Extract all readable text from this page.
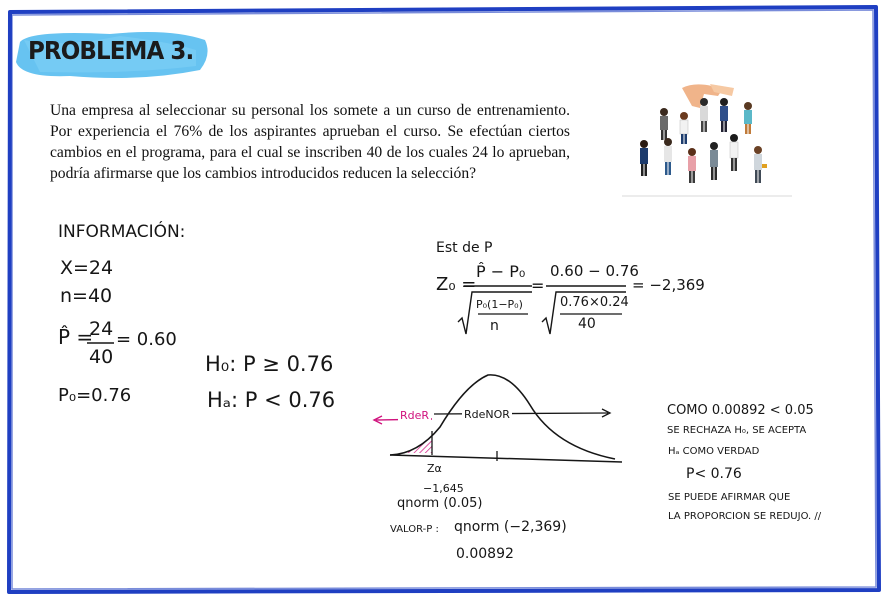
PROBLEMA 3.

Una empresa al seleccionar su personal los somete a un curso de entrenamiento. Por experiencia el 76% de los aspirantes aprueban el curso. Se efectúan ciertos cambios en el programa, para el cual se inscriben 40 de los cuales 24 lo aprueban, podría afirmarse que los cambios introducidos reducen la selección?

INFORMACIÓN:
X=24
n=40
P̂ =
24
40
= 0.60
P₀=0.76
H₀: P ≥ 0.76
Hₐ: P < 0.76
Est de P
Z₀ =
P̂ − P₀
P₀(1−P₀)
n
=
0.60 − 0.76
0.76×0.24
40
= −2,369
RdeR	RdeNOR
Zα
−1,645
qnorm (0.05)
VALOR-P : qnorm (−2,369)
0.00892
COMO 0.00892 < 0.05
SE RECHAZA H₀, SE ACEPTA
Hₐ COMO VERDAD
P< 0.76
SE PUEDE AFIRMAR QUE
LA PROPORCION SE REDUJO. //
